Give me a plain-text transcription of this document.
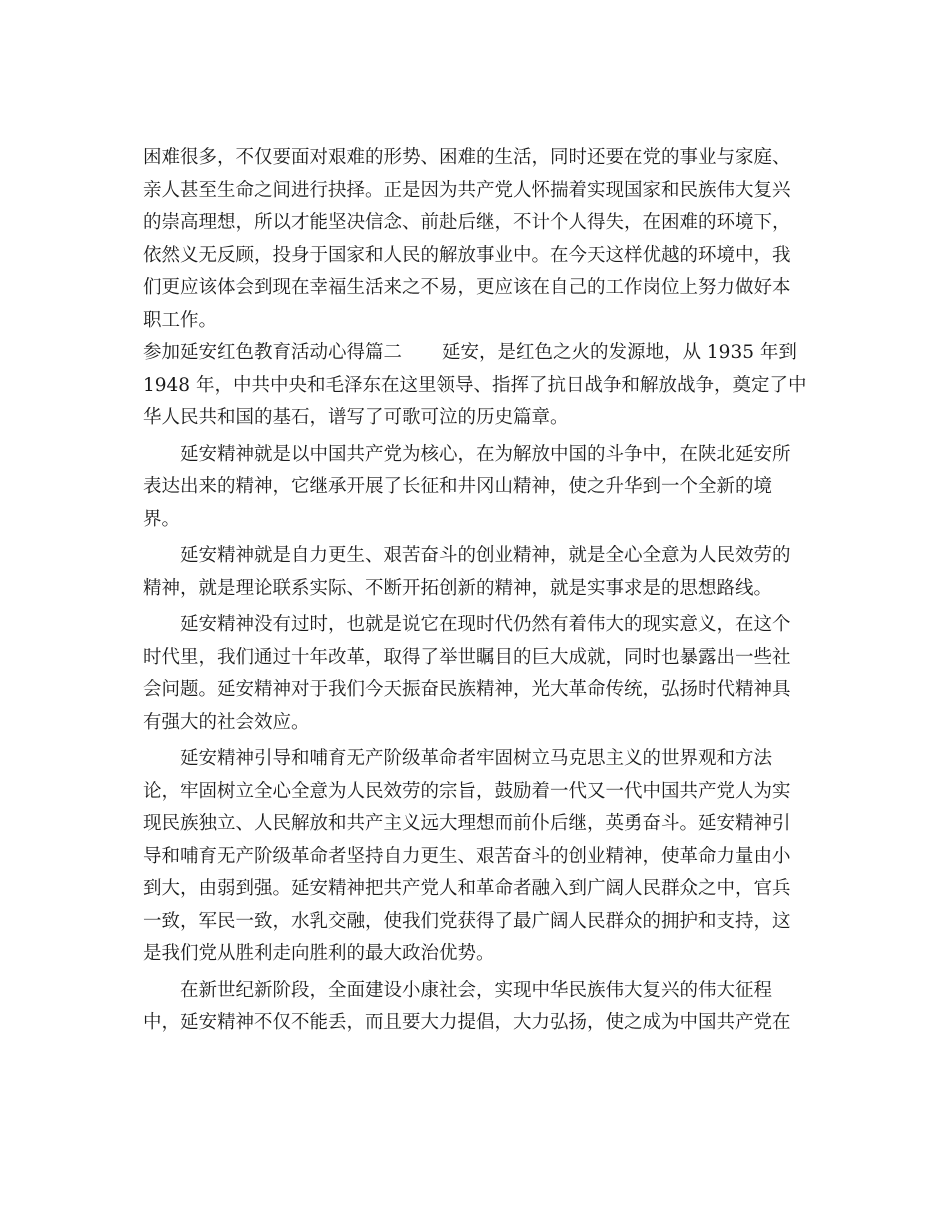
困难很多，不仅要面对艰难的形势、困难的生活，同时还要在党的事业与家庭、
亲人甚至生命之间进行抉择。正是因为共产党人怀揣着实现国家和民族伟大复兴
的崇高理想，所以才能坚决信念、前赴后继，不计个人得失，在困难的环境下，
依然义无反顾，投身于国家和人民的解放事业中。在今天这样优越的环境中，我
们更应该体会到现在幸福生活来之不易，更应该在自己的工作岗位上努力做好本
职工作。
参加延安红色教育活动心得篇二 延安，是红色之火的发源地，从 1935 年到
1948 年，中共中央和毛泽东在这里领导、指挥了抗日战争和解放战争，奠定了中
华人民共和国的基石，谱写了可歌可泣的历史篇章。
延安精神就是以中国共产党为核心，在为解放中国的斗争中，在陕北延安所
表达出来的精神，它继承开展了长征和井冈山精神，使之升华到一个全新的境
界。
延安精神就是自力更生、艰苦奋斗的创业精神，就是全心全意为人民效劳的
精神，就是理论联系实际、不断开拓创新的精神，就是实事求是的思想路线。
延安精神没有过时，也就是说它在现时代仍然有着伟大的现实意义，在这个
时代里，我们通过十年改革，取得了举世瞩目的巨大成就，同时也暴露出一些社
会问题。延安精神对于我们今天振奋民族精神，光大革命传统，弘扬时代精神具
有强大的社会效应。
延安精神引导和哺育无产阶级革命者牢固树立马克思主义的世界观和方法
论，牢固树立全心全意为人民效劳的宗旨，鼓励着一代又一代中国共产党人为实
现民族独立、人民解放和共产主义远大理想而前仆后继，英勇奋斗。延安精神引
导和哺育无产阶级革命者坚持自力更生、艰苦奋斗的创业精神，使革命力量由小
到大，由弱到强。延安精神把共产党人和革命者融入到广阔人民群众之中，官兵
一致，军民一致，水乳交融，使我们党获得了最广阔人民群众的拥护和支持，这
是我们党从胜利走向胜利的最大政治优势。
在新世纪新阶段，全面建设小康社会，实现中华民族伟大复兴的伟大征程
中，延安精神不仅不能丢，而且要大力提倡，大力弘扬，使之成为中国共产党在
